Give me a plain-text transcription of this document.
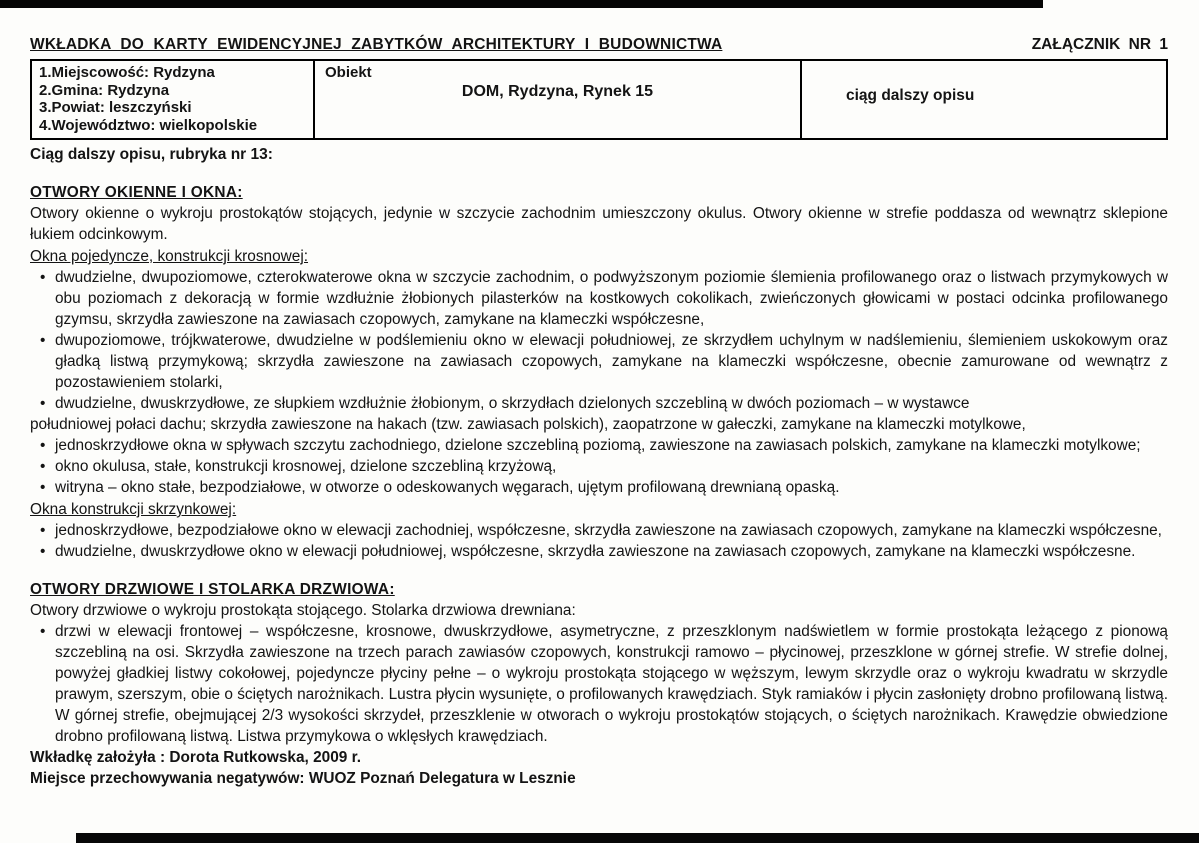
WKŁADKA DO KARTY EWIDENCYJNEJ ZABYTKÓW ARCHITEKTURY I BUDOWNICTWA	ZAŁĄCZNIK NR 1
1.Miejscowość: Rydzyna
2.Gmina: Rydzyna
3.Powiat: leszczyński
4.Województwo: wielkopolskie
Obiekt
DOM, Rydzyna, Rynek 15	ciąg dalszy opisu
Ciąg dalszy opisu, rubryka nr 13:
OTWORY OKIENNE I OKNA:

Otwory okienne o wykroju prostokątów stojących, jedynie w szczycie zachodnim umieszczony okulus. Otwory okienne w strefie poddasza od wewnątrz sklepione łukiem odcinkowym.

Okna pojedyncze, konstrukcji krosnowej:
• dwudzielne, dwupoziomowe, czterokwaterowe okna w szczycie zachodnim, o podwyższonym poziomie ślemienia profilowanego oraz o listwach przymykowych w obu poziomach z dekoracją w formie wzdłużnie żłobionych pilasterków na kostkowych cokolikach, zwieńczonych głowicami w postaci odcinka profilowanego gzymsu, skrzydła zawieszone na zawiasach czopowych, zamykane na klameczki współczesne,
• dwupoziomowe, trójkwaterowe, dwudzielne w podślemieniu okno w elewacji południowej, ze skrzydłem uchylnym w nadślemieniu, ślemieniem uskokowym oraz gładką listwą przymykową; skrzydła zawieszone na zawiasach czopowych, zamykane na klameczki współczesne, obecnie zamurowane od wewnątrz z pozostawieniem stolarki,
• dwudzielne, dwuskrzydłowe, ze słupkiem wzdłużnie żłobionym, o skrzydłach dzielonych szczebliną w dwóch poziomach – w wystawce
południowej połaci dachu; skrzydła zawieszone na hakach (tzw. zawiasach polskich), zaopatrzone w gałeczki, zamykane na klameczki motylkowe,
• jednoskrzydłowe okna w spływach szczytu zachodniego, dzielone szczebliną poziomą, zawieszone na zawiasach polskich, zamykane na klameczki motylkowe;
• okno okulusa, stałe, konstrukcji krosnowej, dzielone szczebliną krzyżową,
• witryna – okno stałe, bezpodziałowe, w otworze o odeskowanych węgarach, ujętym profilowaną drewnianą opaską.
Okna konstrukcji skrzynkowej:
• jednoskrzydłowe, bezpodziałowe okno w elewacji zachodniej, współczesne, skrzydła zawieszone na zawiasach czopowych, zamykane na klameczki współczesne,
• dwudzielne, dwuskrzydłowe okno w elewacji południowej, współczesne, skrzydła zawieszone na zawiasach czopowych, zamykane na klameczki współczesne.
OTWORY DRZWIOWE I STOLARKA DRZWIOWA:

Otwory drzwiowe o wykroju prostokąta stojącego. Stolarka drzwiowa drewniana:

• drzwi w elewacji frontowej – współczesne, krosnowe, dwuskrzydłowe, asymetryczne, z przeszklonym nadświetlem w formie prostokąta leżącego z pionową szczebliną na osi. Skrzydła zawieszone na trzech parach zawiasów czopowych, konstrukcji ramowo – płycinowej, przeszklone w górnej strefie. W strefie dolnej, powyżej gładkiej listwy cokołowej, pojedyncze płyciny pełne – o wykroju prostokąta stojącego w węższym, lewym skrzydle oraz o wykroju kwadratu w skrzydle prawym, szerszym, obie o ściętych narożnikach. Lustra płycin wysunięte, o profilowanych krawędziach. Styk ramiaków i płycin zasłonięty drobno profilowaną listwą. W górnej strefie, obejmującej 2/3 wysokości skrzydeł, przeszklenie w otworach o wykroju prostokątów stojących, o ściętych narożnikach. Krawędzie obwiedzione drobno profilowaną listwą. Listwa przymykowa o wklęsłych krawędziach.
Wkładkę założyła : Dorota Rutkowska, 2009 r.
Miejsce przechowywania negatywów: WUOZ Poznań Delegatura w Lesznie
